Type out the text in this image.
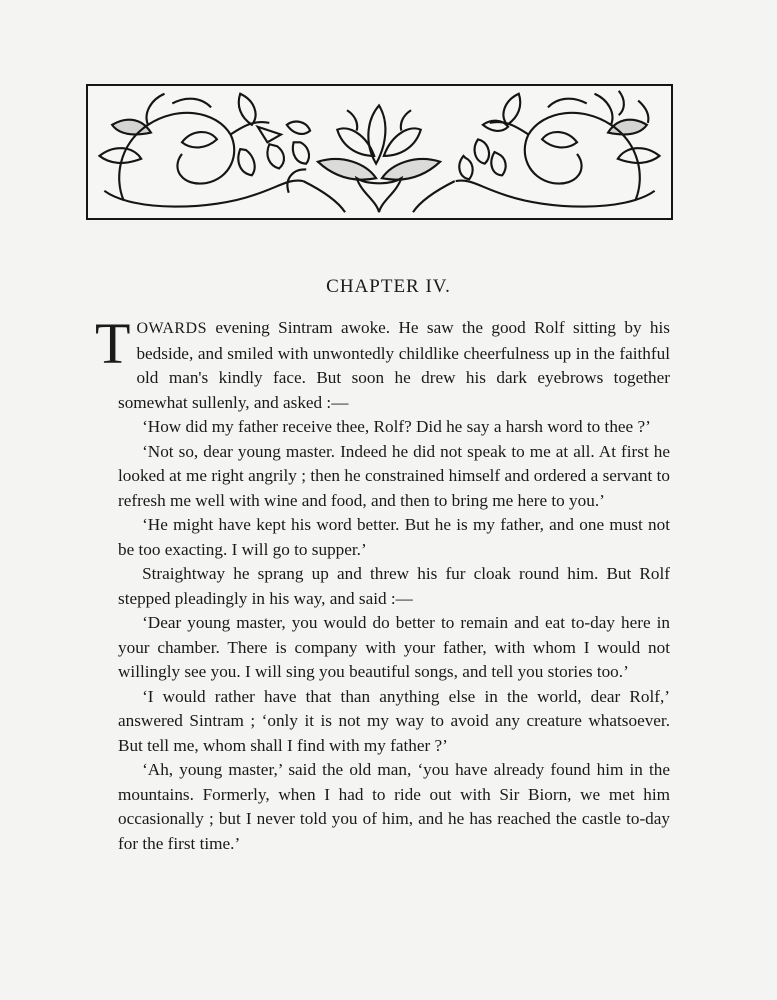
CHAPTER IV.

TOWARDS evening Sintram awoke. He saw the good Rolf sitting by his bedside, and smiled with unwontedly childlike cheerfulness up in the faithful old man's kindly face. But soon he drew his dark eyebrows together somewhat sullenly, and asked :—

‘How did my father receive thee, Rolf? Did he say a harsh word to thee ?’

‘Not so, dear young master. Indeed he did not speak to me at all. At first he looked at me right angrily ; then he constrained himself and ordered a servant to refresh me well with wine and food, and then to bring me here to you.’

‘He might have kept his word better. But he is my father, and one must not be too exacting. I will go to supper.’

Straightway he sprang up and threw his fur cloak round him. But Rolf stepped pleadingly in his way, and said :—

‘Dear young master, you would do better to remain and eat to-day here in your chamber. There is company with your father, with whom I would not willingly see you. I will sing you beautiful songs, and tell you stories too.’

‘I would rather have that than anything else in the world, dear Rolf,’ answered Sintram ; ‘only it is not my way to avoid any creature whatsoever. But tell me, whom shall I find with my father ?’

‘Ah, young master,’ said the old man, ‘you have already found him in the mountains. Formerly, when I had to ride out with Sir Biorn, we met him occasionally ; but I never told you of him, and he has reached the castle to-day for the first time.’
